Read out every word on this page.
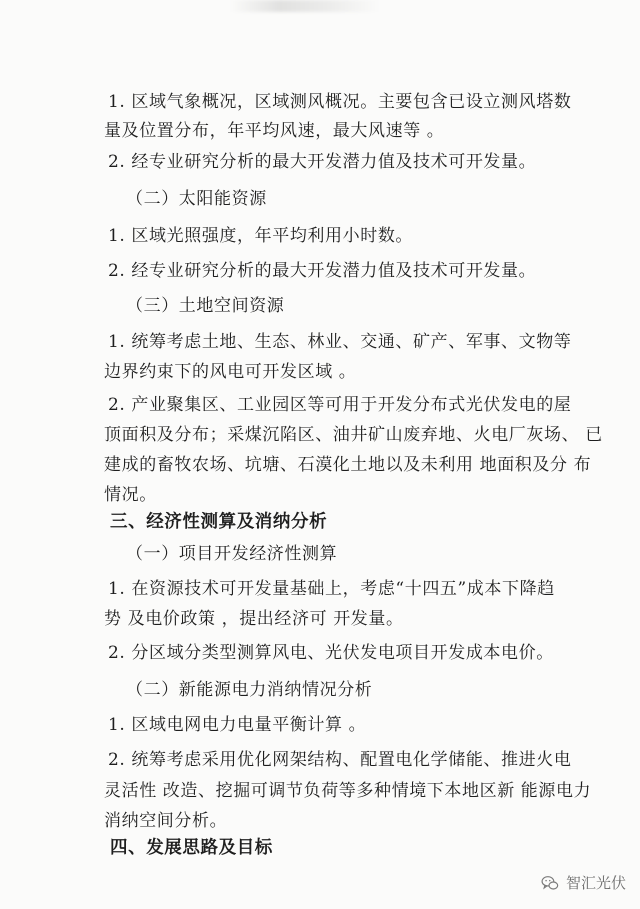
1. 区域气象概况，区域测风概况。主要包含已设立测风塔数
量及位置分布，年平均风速，最大风速等 。
2. 经专业研究分析的最大开发潜力值及技术可开发量。
（二）太阳能资源
1. 区域光照强度，年平均利用小时数。
2. 经专业研究分析的最大开发潜力值及技术可开发量。
（三）土地空间资源
1. 统筹考虑土地、生态、林业、交通、矿产、军事、文物等
边界约束下的风电可开发区域 。
2. 产业聚集区、工业园区等可用于开发分布式光伏发电的屋
顶面积及分布；采煤沉陷区、油井矿山废弃地、火电厂灰场、 已
建成的畜牧农场、坑塘、石漠化土地以及未利用 地面积及分 布
情况。
三、经济性测算及消纳分析
（一）项目开发经济性测算
1. 在资源技术可开发量基础上，考虑“十四五”成本下降趋
势 及电价政策 ，提出经济可 开发量。
2. 分区域分类型测算风电、光伏发电项目开发成本电价。
（二）新能源电力消纳情况分析
1. 区域电网电力电量平衡计算 。
2. 统筹考虑采用优化网架结构、配置电化学储能、推进火电
灵活性 改造、挖掘可调节负荷等多种情境下本地区新 能源电力
消纳空间分析。
四、发展思路及目标
智汇光伏
